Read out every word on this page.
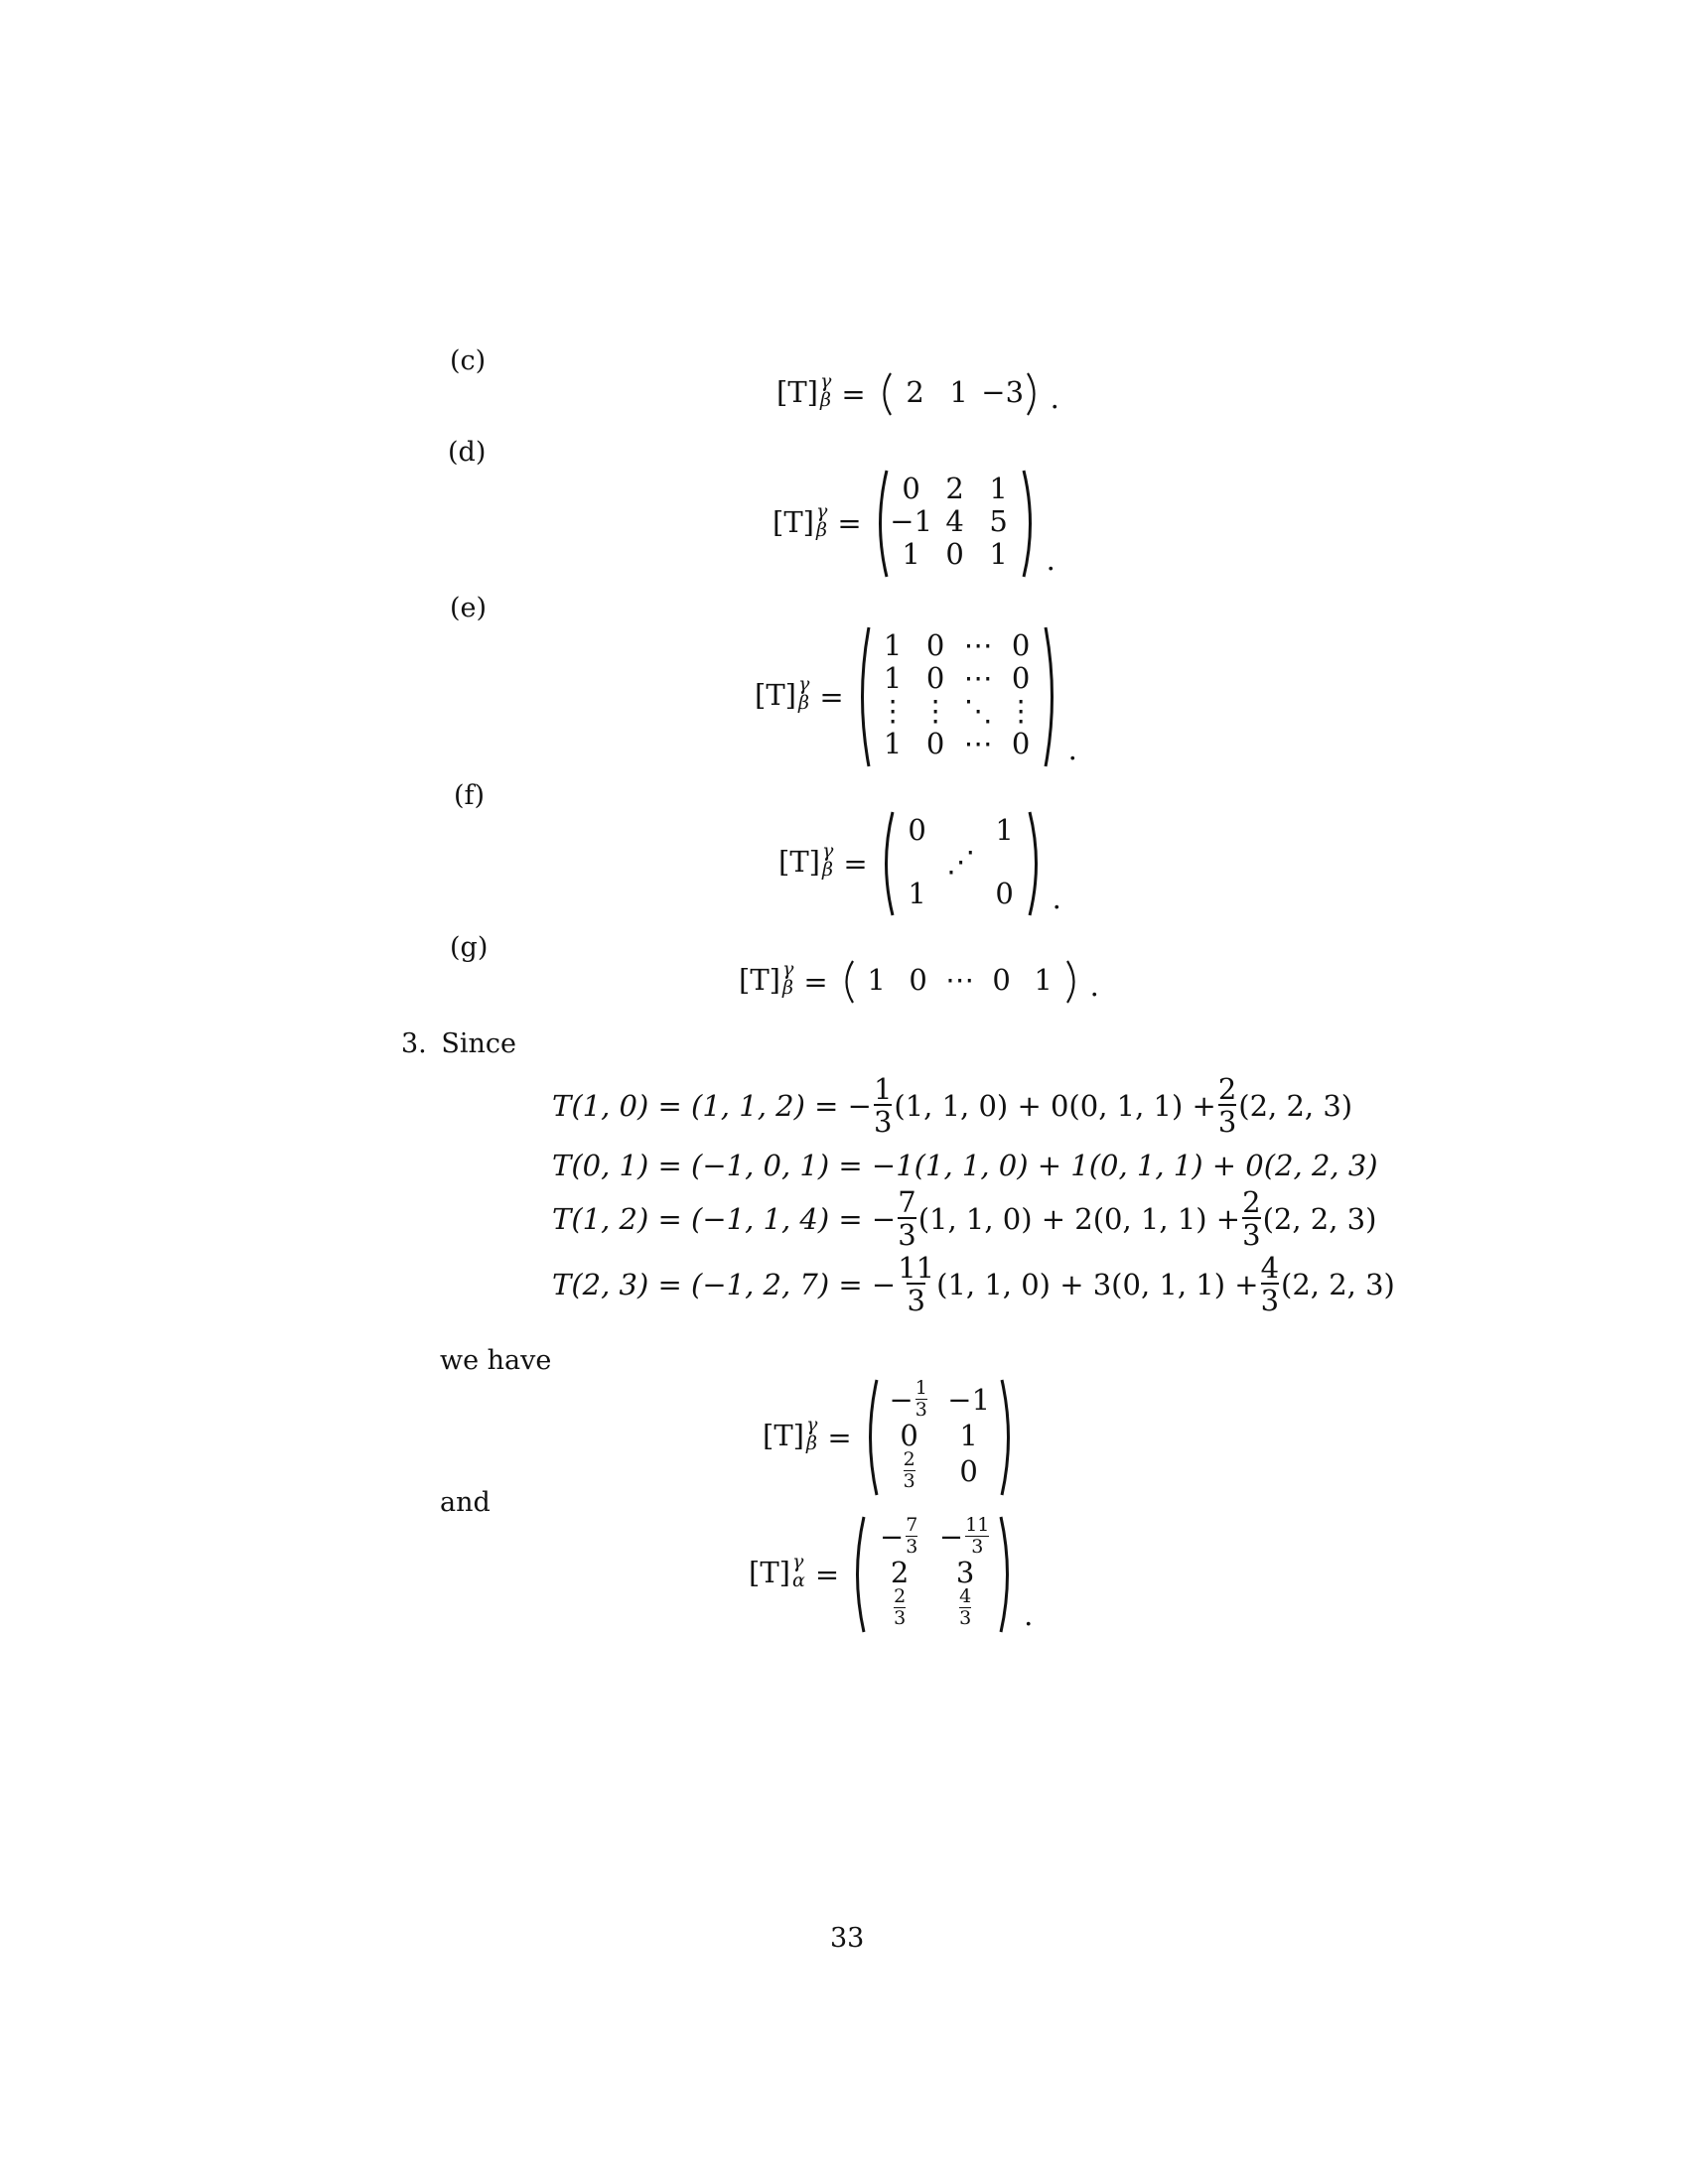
(c)
[T] γ
β = 2 1 −3 .
(d)
[T] γ
β =
0 2 1
−1 4 5
1 0 1 .
(e)
[T] γ
β =
1 0 ⋯ 0
1 0 ⋯ 0
⋮ ⋮ ⋱ ⋮
1 0 ⋯ 0 .
(f)
[T] γ
β =
0 1
⋰
1 0 .
(g)
[T] γ
β = 1 0 ⋯ 0 1 .
3. Since
T(1, 0) = (1, 1, 2) = − $\frac{1}{3} (1$, 1, 0) + 0(0, 1, $1) + \frac{2}{3} (2$, 2, 3)
T(0, 1) = (−1, 0, 1) = −1(1, 1, 0) + 1(0, 1, 1) + 0(2, 2, 3)
T(1, 2) = (−1, 1, 4) = − $\frac{7}{3} (1$, 1, 0) + 2(0, 1, $1) + \frac{2}{3} (2$, 2, 3)
T(2, 3) = (−1, 2, 7) = − $\frac{11}{3} (1$, 1, 0) + 3(0, 1, $1) + \frac{4}{3} (2$, 2, 3)
we have
[T] γ
β =
− $\frac{1}{3} -1$
0 1
$\frac{2}{3} 0$
and
[T] γ
α =
− $\frac{7}{3} - \frac{11}{3}$
2 3
$\frac{2}{3}$	$\frac{4}{3}$ .
33
